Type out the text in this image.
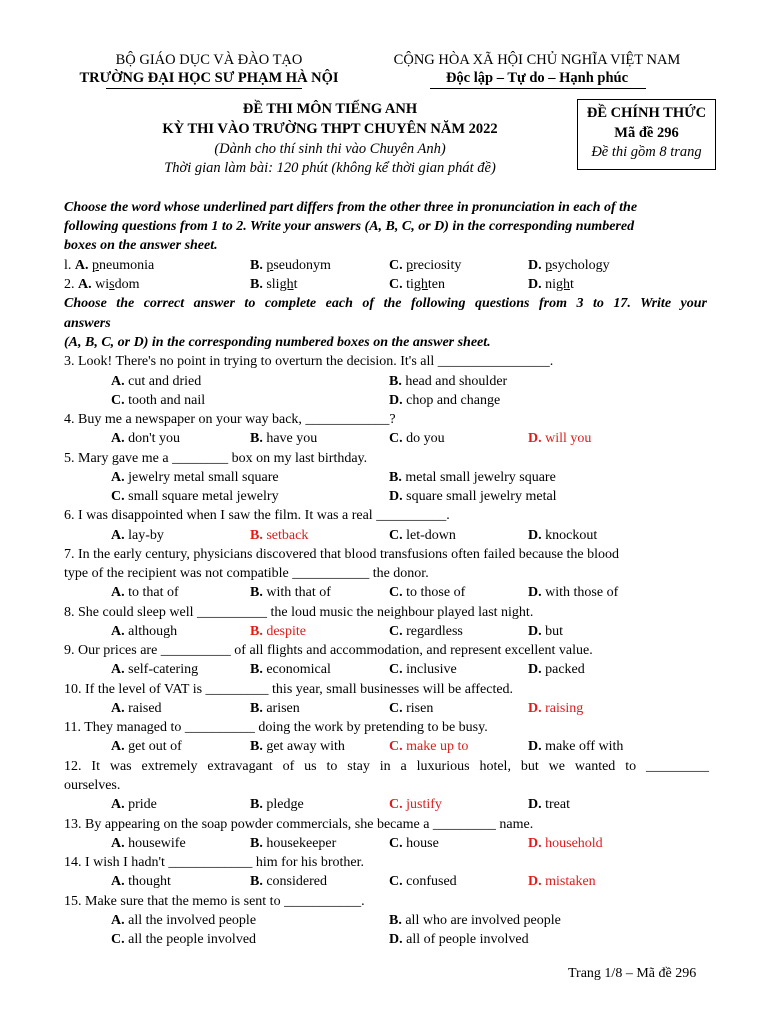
BỘ GIÁO DỤC VÀ ĐÀO TẠO
TRƯỜNG ĐẠI HỌC SƯ PHẠM HÀ NỘI
CỘNG HÒA XÃ HỘI CHỦ NGHĨA VIỆT NAM
Độc lập – Tự do – Hạnh phúc
ĐỀ THI MÔN TIẾNG ANH
KỲ THI VÀO TRƯỜNG THPT CHUYÊN NĂM 2022
(Dành cho thí sinh thi vào Chuyên Anh)
Thời gian làm bài: 120 phút (không kể thời gian phát đề)
ĐỀ CHÍNH THỨC
Mã đề 296
Đề thi gồm 8 trang
Choose the word whose underlined part differs from the other three in pronunciation in each of the
following questions from 1 to 2. Write your answers (A, B, C, or D) in the corresponding numbered
boxes on the answer sheet.
l. A. pneumonia	B. pseudonym	C. preciosity	D. psychology
2. A. wisdom	B. slight	C. tighten	D. night
Choose the correct answer to complete each of the following questions from 3 to 17. Write your
answers
(A, B, C, or D) in the corresponding numbered boxes on the answer sheet.
3. Look! There's no point in trying to overturn the decision. It's all ________________.
A. cut and dried	B. head and shoulder
C. tooth and nail	D. chop and change
4. Buy me a newspaper on your way back, ____________?
A. don't you	B. have you	C. do you	D. will you
5. Mary gave me a ________ box on my last birthday.
A. jewelry metal small square	B. metal small jewelry square
C. small square metal jewelry	D. square small jewelry metal
6. I was disappointed when I saw the film. It was a real __________.
A. lay-by	B. setback	C. let-down	D. knockout
7. In the early century, physicians discovered that blood transfusions often failed because the blood
type of the recipient was not compatible ___________ the donor.
A. to that of	B. with that of	C. to those of	D. with those of
8. She could sleep well __________ the loud music the neighbour played last night.
A. although	B. despite	C. regardless	D. but
9. Our prices are __________ of all flights and accommodation, and represent excellent value.
A. self-catering	B. economical	C. inclusive	D. packed
10. If the level of VAT is _________ this year, small businesses will be affected.
A. raised	B. arisen	C. risen	D. raising
11. They managed to __________ doing the work by pretending to be busy.
A. get out of	B. get away with	C. make up to	D. make off with
12. It was extremely extravagant of us to stay in a luxurious hotel, but we wanted to _________
ourselves.
A. pride	B. pledge	C. justify	D. treat
13. By appearing on the soap powder commercials, she became a _________ name.
A. housewife	B. housekeeper	C. house	D. household
14. I wish I hadn't ____________ him for his brother.
A. thought	B. considered	C. confused	D. mistaken
15. Make sure that the memo is sent to ___________.
A. all the involved people	B. all who are involved people
C. all the people involved	D. all of people involved
Trang 1/8 – Mã đề 296
